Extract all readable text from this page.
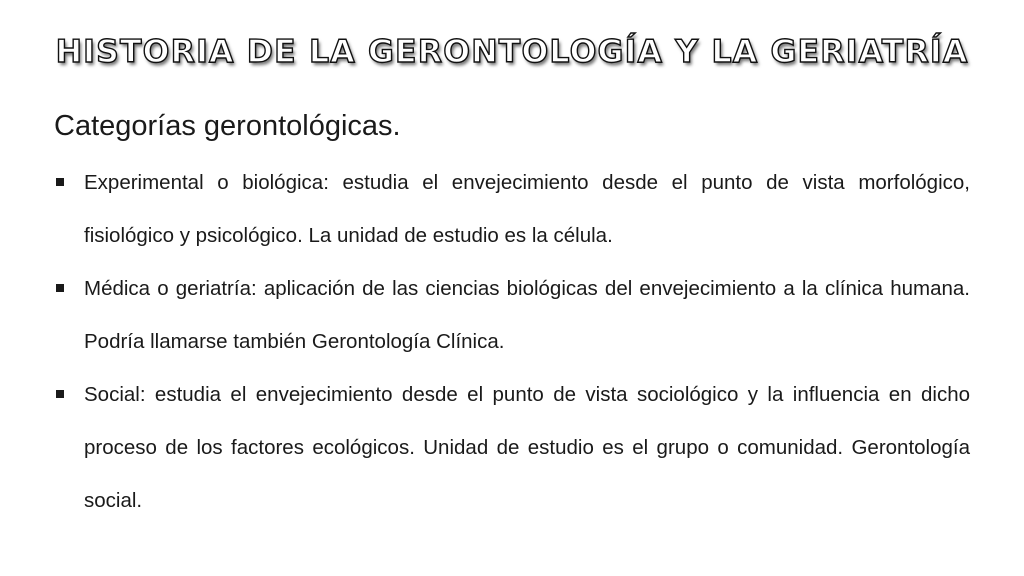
HISTORIA DE LA GERONTOLOGÍA Y LA GERIATRÍA
Categorías gerontológicas.
Experimental o biológica: estudia el envejecimiento desde el punto de vista morfológico, fisiológico y psicológico. La unidad de estudio es la célula.
Médica o geriatría: aplicación de las ciencias biológicas del envejecimiento a la clínica humana. Podría llamarse también Gerontología Clínica.
Social: estudia el envejecimiento desde el punto de vista sociológico y la influencia en dicho proceso de los factores ecológicos. Unidad de estudio es el grupo o comunidad. Gerontología social.
